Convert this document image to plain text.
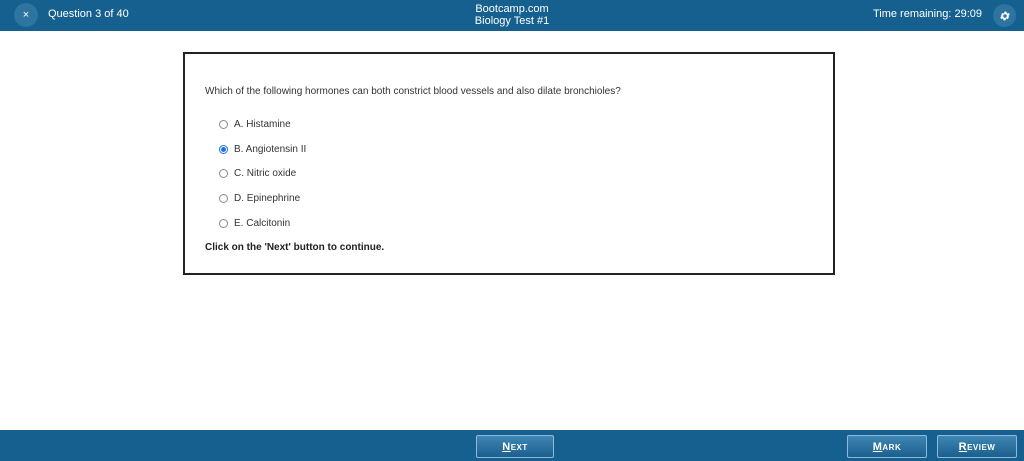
× Question 3 of 40	Bootcamp.com
Biology Test #1
Time remaining: 29:09
Which of the following hormones can both constrict blood vessels and also dilate bronchioles?
A. Histamine
B. Angiotensin II
C. Nitric oxide
D. Epinephrine
E. Calcitonin
Click on the 'Next' button to continue.
N ext	M ark	R eview
